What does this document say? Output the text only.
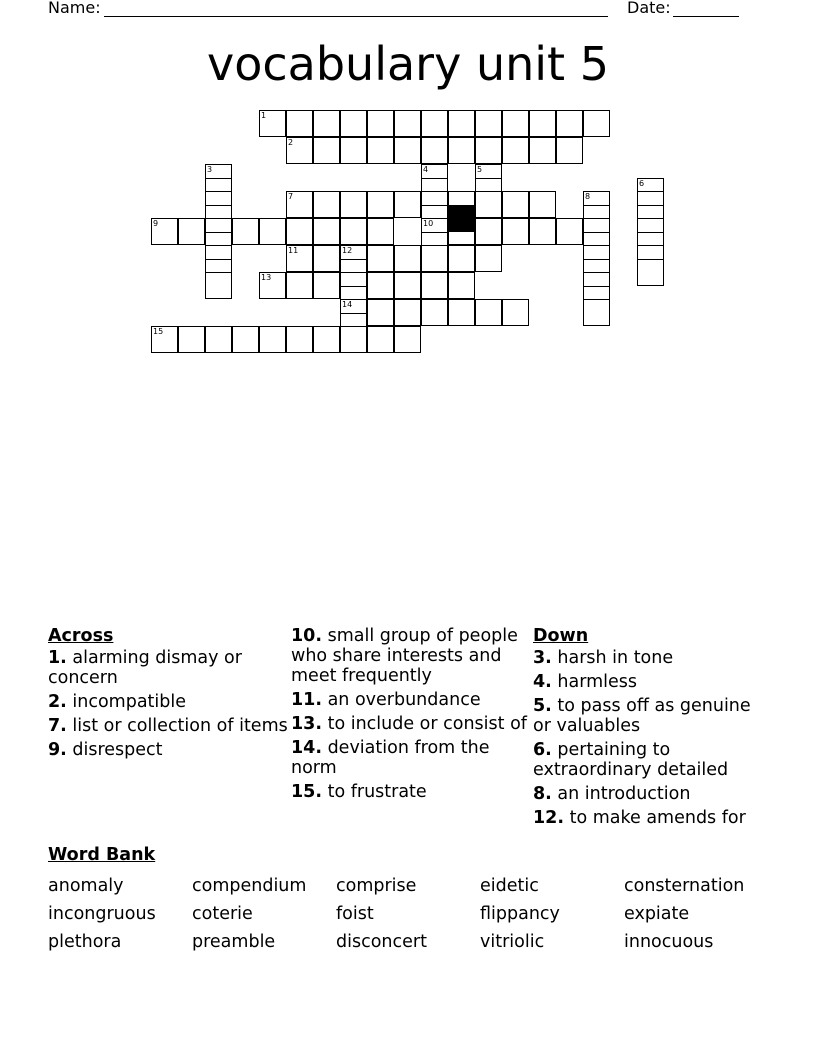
Name:	Date:
vocabulary unit 5
1
2
3	4
10
5
6
7	8
9
11	12
14
13
15
Across
1. alarming dismay or concern
2. incompatible
7. list or collection of items
9. disrespect
10. small group of people who share interests and meet frequently
11. an overbundance
13. to include or consist of
14. deviation from the norm
15. to frustrate
Down
3. harsh in tone
4. harmless
5. to pass off as genuine or valuables
6. pertaining to extraordinary detailed
8. an introduction
12. to make amends for
Word Bank
anomaly	compendium	comprise	eidetic	consternation
incongruous	coterie	foist	flippancy	expiate
plethora	preamble	disconcert	vitriolic	innocuous
